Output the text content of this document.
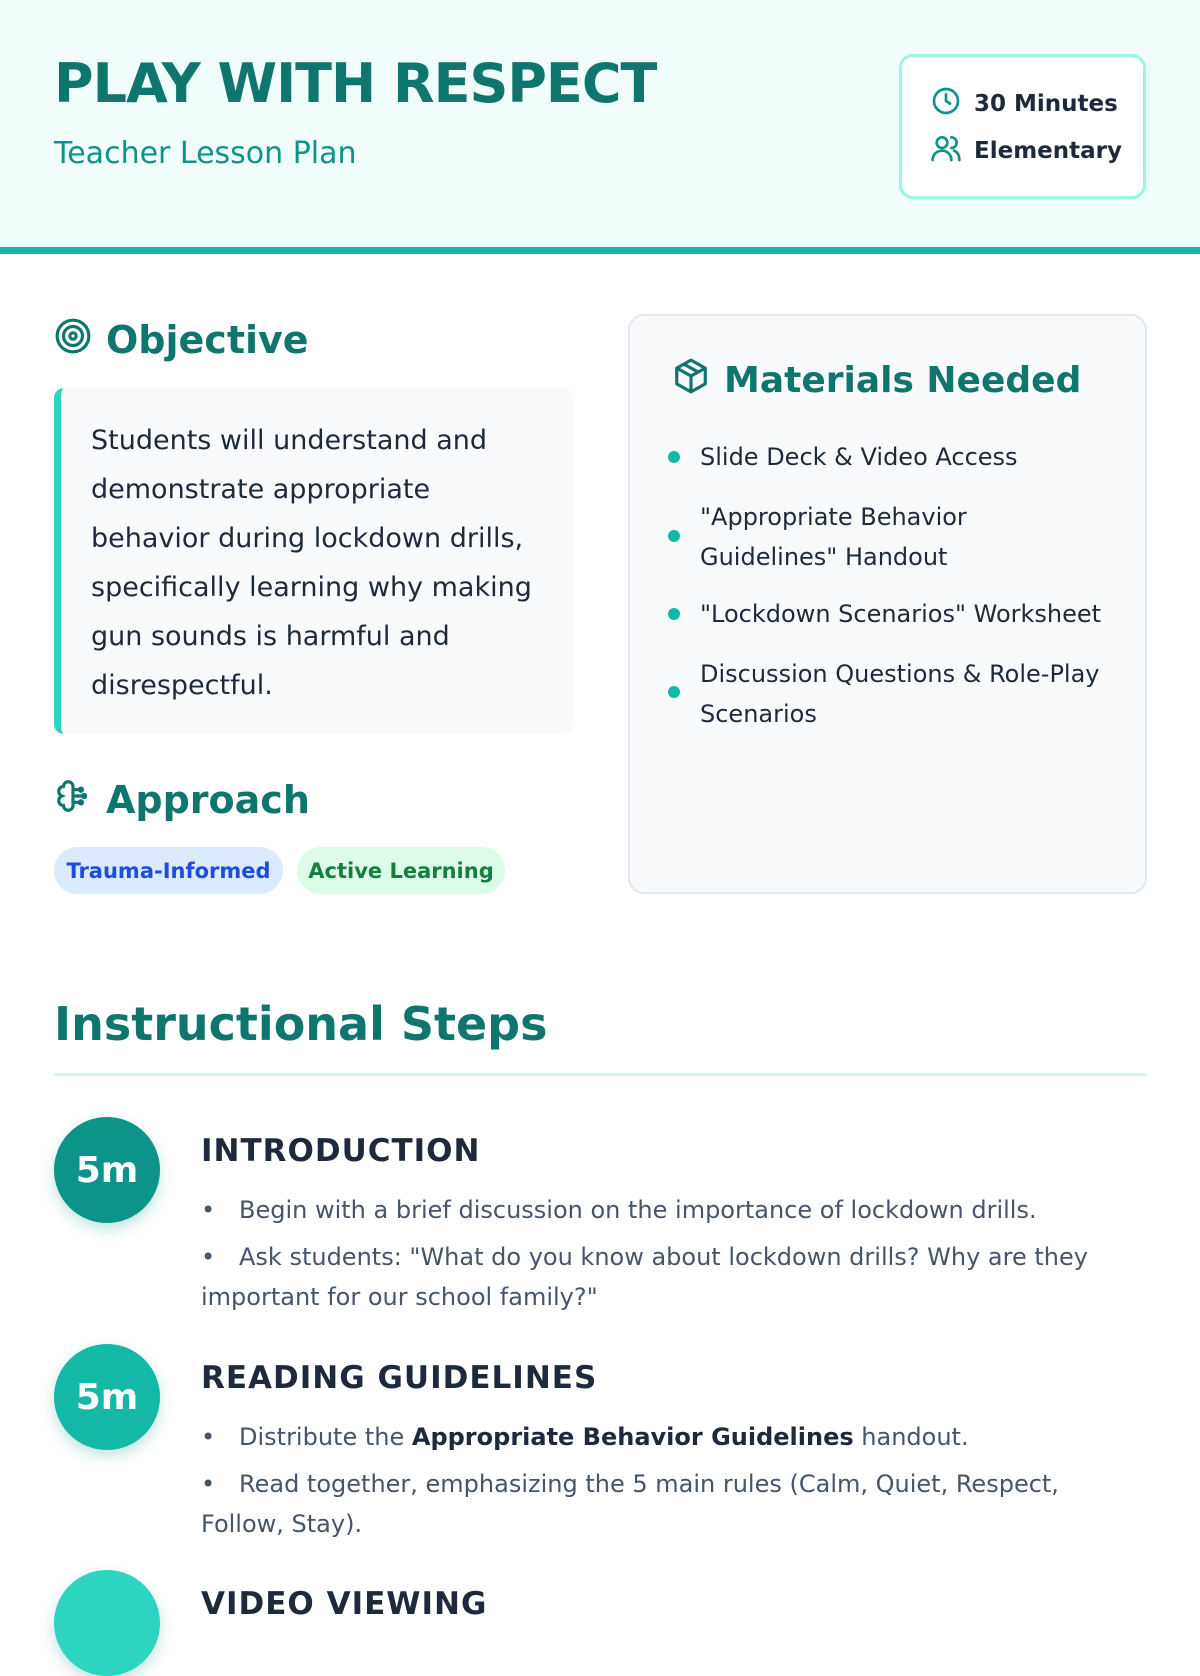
PLAY WITH RESPECT
Teacher Lesson Plan
30 Minutes
Elementary
Objective
Students will understand and demonstrate appropriate behavior during lockdown drills, specifically learning why making gun sounds is harmful and disrespectful.
Approach
Trauma-Informed	Active Learning
Materials Needed
Slide Deck & Video Access
"Appropriate Behavior Guidelines" Handout
"Lockdown Scenarios" Worksheet
Discussion Questions & Role-Play Scenarios
Instructional Steps
5m	INTRODUCTION
• Begin with a brief discussion on the importance of lockdown drills.
• Ask students: "What do you know about lockdown drills? Why are they important for our school family?"
5m	READING GUIDELINES
• Distribute the Appropriate Behavior Guidelines handout.
• Read together, emphasizing the 5 main rules (Calm, Quiet, Respect, Follow, Stay).
VIDEO VIEWING
